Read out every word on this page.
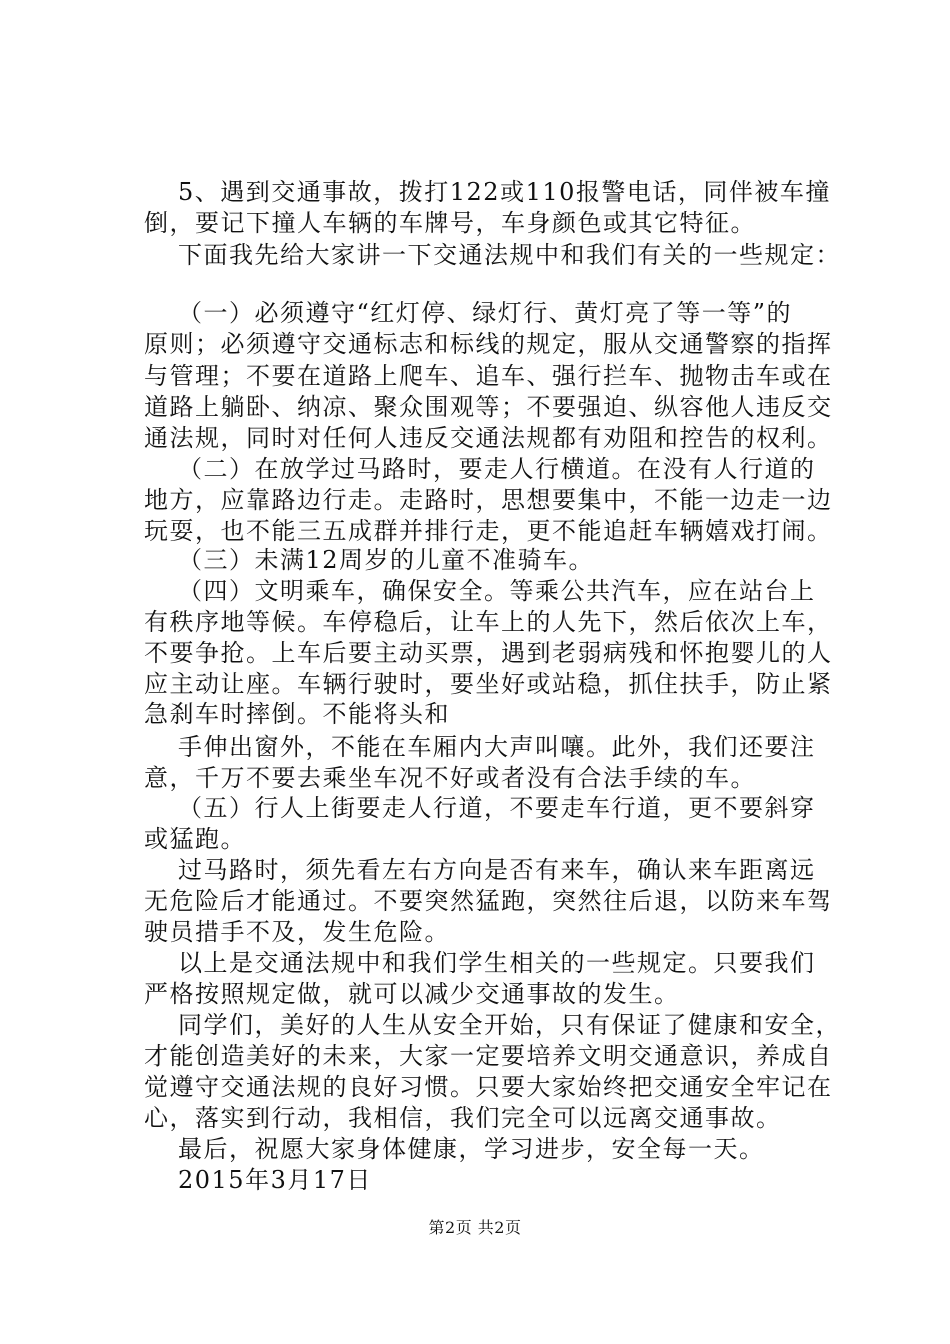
5、遇到交通事故，拨打122或110报警电话，同伴被车撞
倒，要记下撞人车辆的车牌号，车身颜色或其它特征。
下面我先给大家讲一下交通法规中和我们有关的一些规定：
（一）必须遵守“红灯停、绿灯行、黄灯亮了等一等”的
原则；必须遵守交通标志和标线的规定，服从交通警察的指挥
与管理；不要在道路上爬车、追车、强行拦车、抛物击车或在
道路上躺卧、纳凉、聚众围观等；不要强迫、纵容他人违反交
通法规，同时对任何人违反交通法规都有劝阻和控告的权利。
（二）在放学过马路时，要走人行横道。在没有人行道的
地方，应靠路边行走。走路时，思想要集中，不能一边走一边
玩耍，也不能三五成群并排行走，更不能追赶车辆嬉戏打闹。
（三）未满12周岁的儿童不准骑车。
（四）文明乘车，确保安全。等乘公共汽车，应在站台上
有秩序地等候。车停稳后，让车上的人先下，然后依次上车，
不要争抢。上车后要主动买票，遇到老弱病残和怀抱婴儿的人
应主动让座。车辆行驶时，要坐好或站稳，抓住扶手，防止紧
急刹车时摔倒。不能将头和
手伸出窗外，不能在车厢内大声叫嚷。此外，我们还要注
意，千万不要去乘坐车况不好或者没有合法手续的车。
（五）行人上街要走人行道，不要走车行道，更不要斜穿
或猛跑。
过马路时，须先看左右方向是否有来车，确认来车距离远
无危险后才能通过。不要突然猛跑，突然往后退，以防来车驾
驶员措手不及，发生危险。
以上是交通法规中和我们学生相关的一些规定。只要我们
严格按照规定做，就可以减少交通事故的发生。
同学们，美好的人生从安全开始，只有保证了健康和安全，
才能创造美好的未来，大家一定要培养文明交通意识，养成自
觉遵守交通法规的良好习惯。只要大家始终把交通安全牢记在
心，落实到行动，我相信，我们完全可以远离交通事故。
最后，祝愿大家身体健康，学习进步，安全每一天。
2015年3月17日
第2页 共2页
